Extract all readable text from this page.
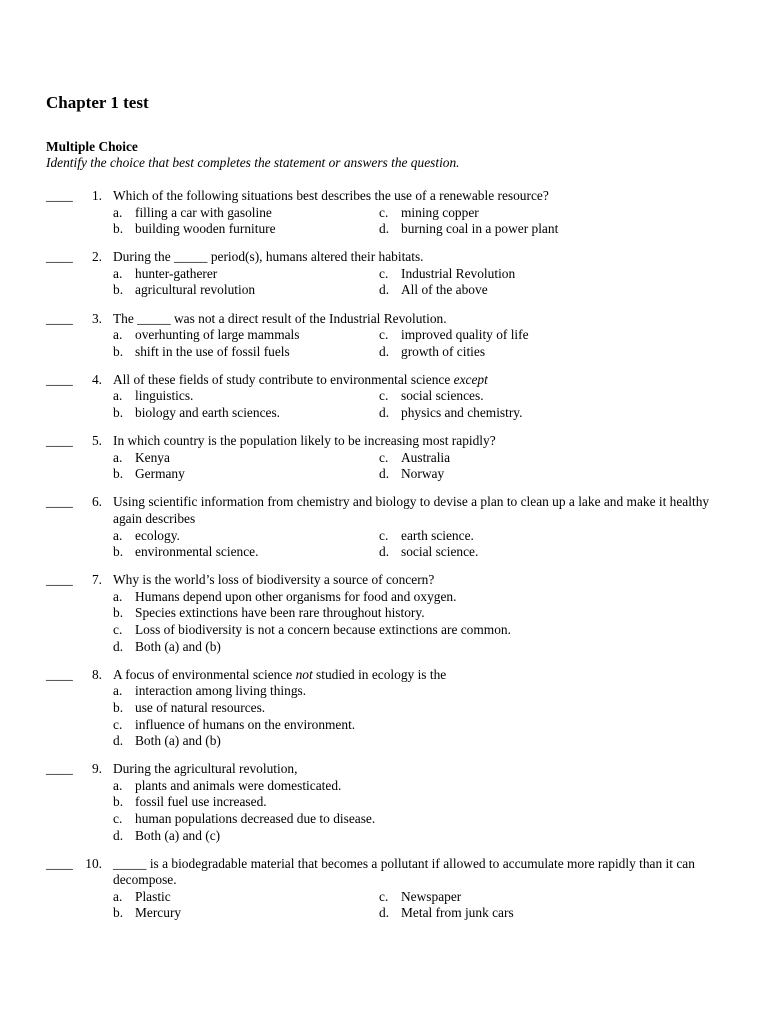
Chapter 1 test
Multiple Choice
Identify the choice that best completes the statement or answers the question.
____	1. Which of the following situations best describes the use of a renewable resource?
a. filling a car with gasoline	c. mining copper
b. building wooden furniture	d. burning coal in a power plant
____	2. During the _____ period(s), humans altered their habitats.
a. hunter-gatherer	c. Industrial Revolution
b. agricultural revolution	d. All of the above
____	3. The _____ was not a direct result of the Industrial Revolution.
a. overhunting of large mammals	c. improved quality of life
b. shift in the use of fossil fuels	d. growth of cities
____	4. All of these fields of study contribute to environmental science except
a. linguistics.	c. social sciences.
b. biology and earth sciences.	d. physics and chemistry.
____	5. In which country is the population likely to be increasing most rapidly?
a. Kenya	c. Australia
b. Germany	d. Norway
____	6. Using scientific information from chemistry and biology to devise a plan to clean up a lake and make it healthy again describes
a. ecology.	c. earth science.
b. environmental science.	d. social science.
____	7. Why is the world’s loss of biodiversity a source of concern?
a. Humans depend upon other organisms for food and oxygen.
b. Species extinctions have been rare throughout history.
c. Loss of biodiversity is not a concern because extinctions are common.
d. Both (a) and (b)
____	8. A focus of environmental science not studied in ecology is the
a. interaction among living things.
b. use of natural resources.
c. influence of humans on the environment.
d. Both (a) and (b)
____	9. During the agricultural revolution,
a. plants and animals were domesticated.
b. fossil fuel use increased.
c. human populations decreased due to disease.
d. Both (a) and (c)
____ 10. _____ is a biodegradable material that becomes a pollutant if allowed to accumulate more rapidly than it can decompose.
a. Plastic	c. Newspaper
b. Mercury	d. Metal from junk cars
